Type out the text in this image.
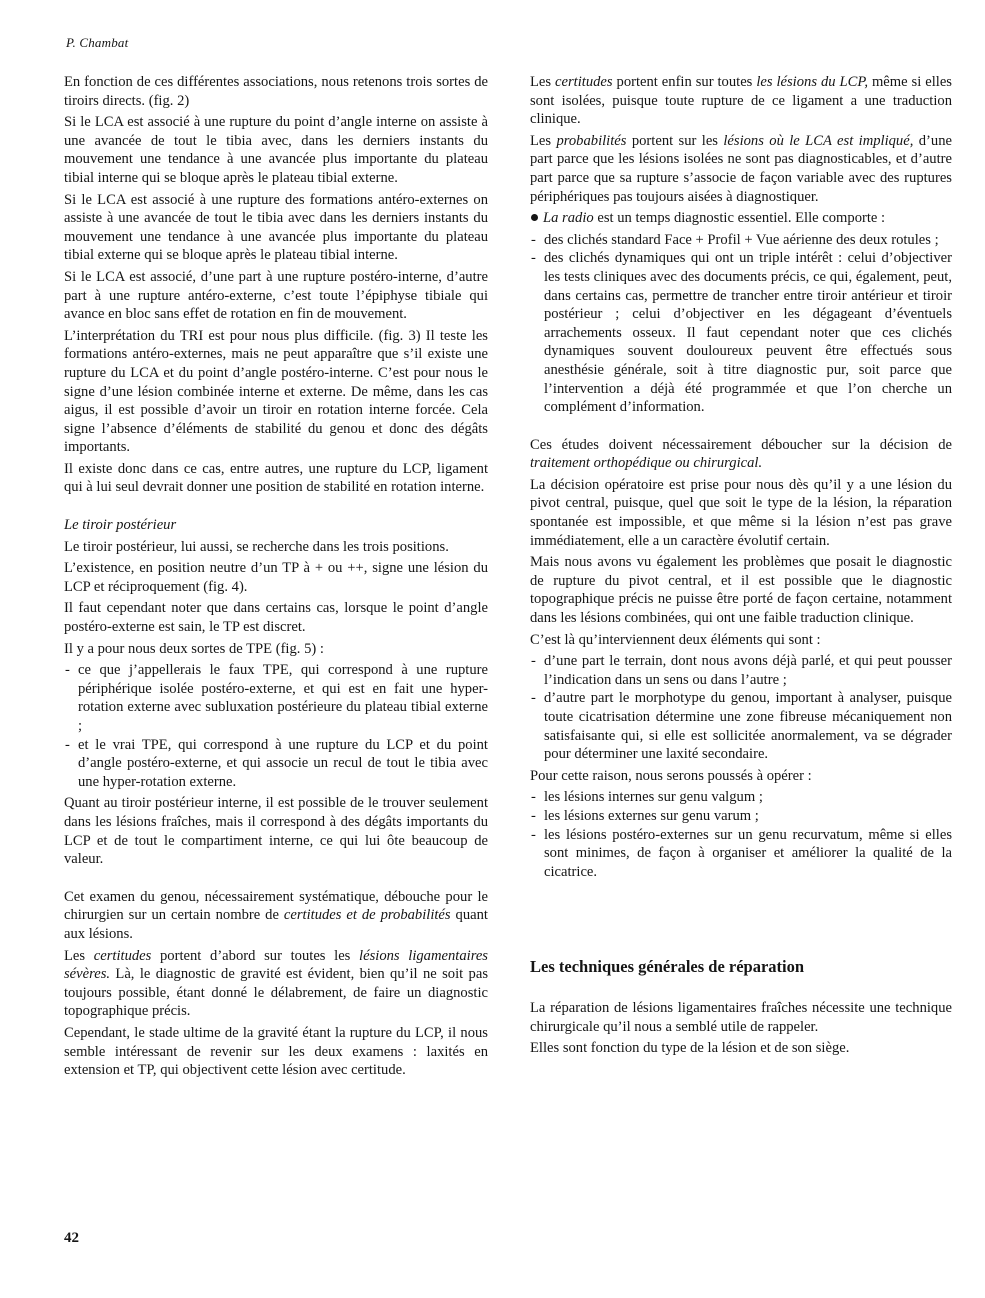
P. Chambat

En fonction de ces différentes associations, nous retenons trois sortes de tiroirs directs. (fig. 2)

Si le LCA est associé à une rupture du point d’angle interne on assiste à une avancée de tout le tibia avec, dans les derniers instants du mouvement une tendance à une avancée plus importante du plateau tibial interne qui se bloque après le plateau tibial externe.

Si le LCA est associé à une rupture des formations antéro-externes on assiste à une avancée de tout le tibia avec dans les derniers instants du mouvement une tendance à une avancée plus importante du plateau tibial externe qui se bloque après le plateau tibial interne.

Si le LCA est associé, d’une part à une rupture postéro-interne, d’autre part à une rupture antéro-externe, c’est toute l’épiphyse tibiale qui avance en bloc sans effet de rotation en fin de mouvement.

L’interprétation du TRI est pour nous plus difficile. (fig. 3) Il teste les formations antéro-externes, mais ne peut apparaître que s’il existe une rupture du LCA et du point d’angle postéro-interne. C’est pour nous le signe d’une lésion combinée interne et externe. De même, dans les cas aigus, il est possible d’avoir un tiroir en rotation interne forcée. Cela signe l’absence d’éléments de stabilité du genou et donc des dégâts importants.

Il existe donc dans ce cas, entre autres, une rupture du LCP, ligament qui à lui seul devrait donner une position de stabilité en rotation interne.

Le tiroir postérieur

Le tiroir postérieur, lui aussi, se recherche dans les trois positions.

L’existence, en position neutre d’un TP à + ou ++, signe une lésion du LCP et réciproquement (fig. 4).

Il faut cependant noter que dans certains cas, lorsque le point d’angle postéro-externe est sain, le TP est discret.

Il y a pour nous deux sortes de TPE (fig. 5) :

- ce que j’appellerais le faux TPE, qui correspond à une rupture périphérique isolée postéro-externe, et qui est en fait une hyper-rotation externe avec subluxation postérieure du plateau tibial externe ;
- et le vrai TPE, qui correspond à une rupture du LCP et du point d’angle postéro-externe, et qui associe un recul de tout le tibia avec une hyper-rotation externe.

Quant au tiroir postérieur interne, il est possible de le trouver seulement dans les lésions fraîches, mais il correspond à des dégâts importants du LCP et de tout le compartiment interne, ce qui lui ôte beaucoup de valeur.

Cet examen du genou, nécessairement systématique, débouche pour le chirurgien sur un certain nombre de certitudes et de probabilités quant aux lésions.

Les certitudes portent d’abord sur toutes les lésions ligamentaires sévères. Là, le diagnostic de gravité est évident, bien qu’il ne soit pas toujours possible, étant donné le délabrement, de faire un diagnostic topographique précis.

Cependant, le stade ultime de la gravité étant la rupture du LCP, il nous semble intéressant de revenir sur les deux examens : laxités en extension et TP, qui objectivent cette lésion avec certitude.

Les certitudes portent enfin sur toutes les lésions du LCP, même si elles sont isolées, puisque toute rupture de ce ligament a une traduction clinique.

Les probabilités portent sur les lésions où le LCA est impliqué, d’une part parce que les lésions isolées ne sont pas diagnosticables, et d’autre part parce que sa rupture s’associe de façon variable avec des ruptures périphériques pas toujours aisées à diagnostiquer.

La radio est un temps diagnostic essentiel. Elle comporte :

- des clichés standard Face + Profil + Vue aérienne des deux rotules ;
- des clichés dynamiques qui ont un triple intérêt : celui d’objectiver les tests cliniques avec des documents précis, ce qui, également, peut, dans certains cas, permettre de trancher entre tiroir antérieur et tiroir postérieur ; celui d’objectiver en les dégageant d’éventuels arrachements osseux. Il faut cependant noter que ces clichés dynamiques souvent douloureux peuvent être effectués sous anesthésie générale, soit à titre diagnostic pur, soit parce que l’intervention a déjà été programmée et que l’on cherche un complément d’information.

Ces études doivent nécessairement déboucher sur la décision de traitement orthopédique ou chirurgical.

La décision opératoire est prise pour nous dès qu’il y a une lésion du pivot central, puisque, quel que soit le type de la lésion, la réparation spontanée est impossible, et que même si la lésion n’est pas grave immédiatement, elle a un caractère évolutif certain.

Mais nous avons vu également les problèmes que posait le diagnostic de rupture du pivot central, et il est possible que le diagnostic topographique précis ne puisse être porté de façon certaine, notamment dans les lésions combinées, qui ont une faible traduction clinique.

C’est là qu’interviennent deux éléments qui sont :

- d’une part le terrain, dont nous avons déjà parlé, et qui peut pousser l’indication dans un sens ou dans l’autre ;
- d’autre part le morphotype du genou, important à analyser, puisque toute cicatrisation détermine une zone fibreuse mécaniquement non satisfaisante qui, si elle est sollicitée anormalement, va se dégrader pour déterminer une laxité secondaire.

Pour cette raison, nous serons poussés à opérer :

- les lésions internes sur genu valgum ;
- les lésions externes sur genu varum ;
- les lésions postéro-externes sur un genu recurvatum, même si elles sont minimes, de façon à organiser et améliorer la qualité de la cicatrice.
Les techniques générales de réparation

La réparation de lésions ligamentaires fraîches nécessite une technique chirurgicale qu’il nous a semblé utile de rappeler.

Elles sont fonction du type de la lésion et de son siège.

42
